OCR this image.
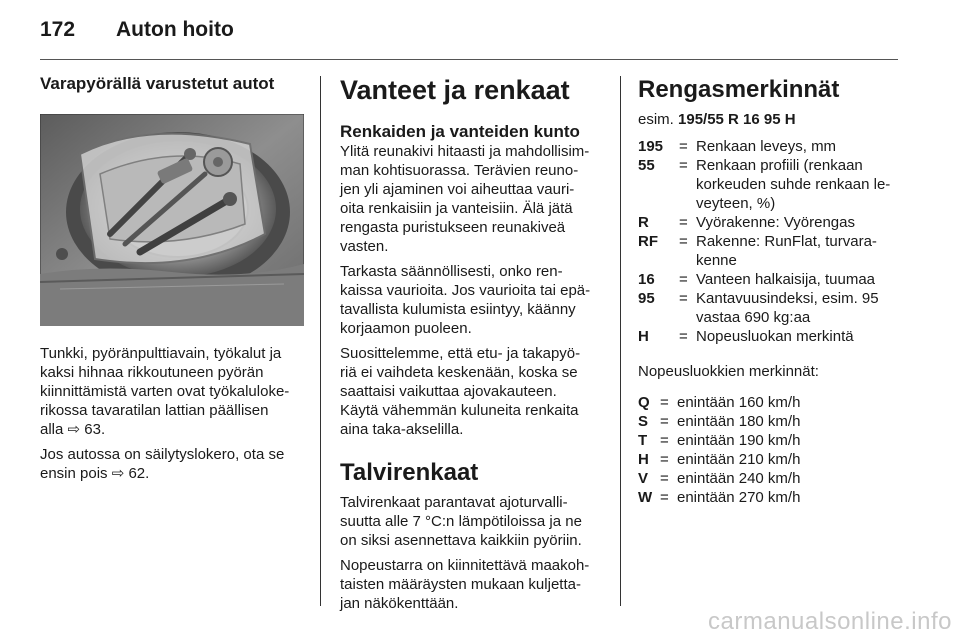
172	Auton hoito
Varapyörällä varustetut autot
Tunkki, pyöränpulttiavain, työkalut ja
kaksi hihnaa rikkoutuneen pyörän
kiinnittämistä varten ovat työkaluloke-
rikossa tavaratilan lattian päällisen
alla ⇨ 63.
Jos autossa on säilytyslokero, ota se
ensin pois ⇨ 62.
Vanteet ja renkaat
Renkaiden ja vanteiden kunto
Ylitä reunakivi hitaasti ja mahdollisim-
man kohtisuorassa. Terävien reuno-
jen yli ajaminen voi aiheuttaa vauri-
oita renkaisiin ja vanteisiin. Älä jätä
rengasta puristukseen reunakiveä
vasten.
Tarkasta säännöllisesti, onko ren-
kaissa vaurioita. Jos vaurioita tai epä-
tavallista kulumista esiintyy, käänny
korjaamon puoleen.
Suosittelemme, että etu- ja takapyö-
riä ei vaihdeta keskenään, koska se
saattaisi vaikuttaa ajovakauteen.
Käytä vähemmän kuluneita renkaita
aina taka-akselilla.
Talvirenkaat
Talvirenkaat parantavat ajoturvalli-
suutta alle 7 °C:n lämpötiloissa ja ne
on siksi asennettava kaikkiin pyöriin.
Nopeustarra on kiinnitettävä maakoh-
taisten määräysten mukaan kuljetta-
jan näkökenttään.
Rengasmerkinnät
esim. 195/55 R 16 95 H
195	= Renkaan leveys, mm
55	= Renkaan profiili (renkaan
korkeuden suhde renkaan le-
veyteen, %)
R	= Vyörakenne: Vyörengas
RF	= Rakenne: RunFlat, turvara-
kenne
16	= Vanteen halkaisija, tuumaa
95	= Kantavuusindeksi, esim. 95
vastaa 690 kg:aa
H	= Nopeusluokan merkintä
Nopeusluokkien merkinnät:
Q = enintään 160 km/h
S = enintään 180 km/h
T = enintään 190 km/h
H = enintään 210 km/h
V = enintään 240 km/h
W = enintään 270 km/h
carmanualsonline.info
